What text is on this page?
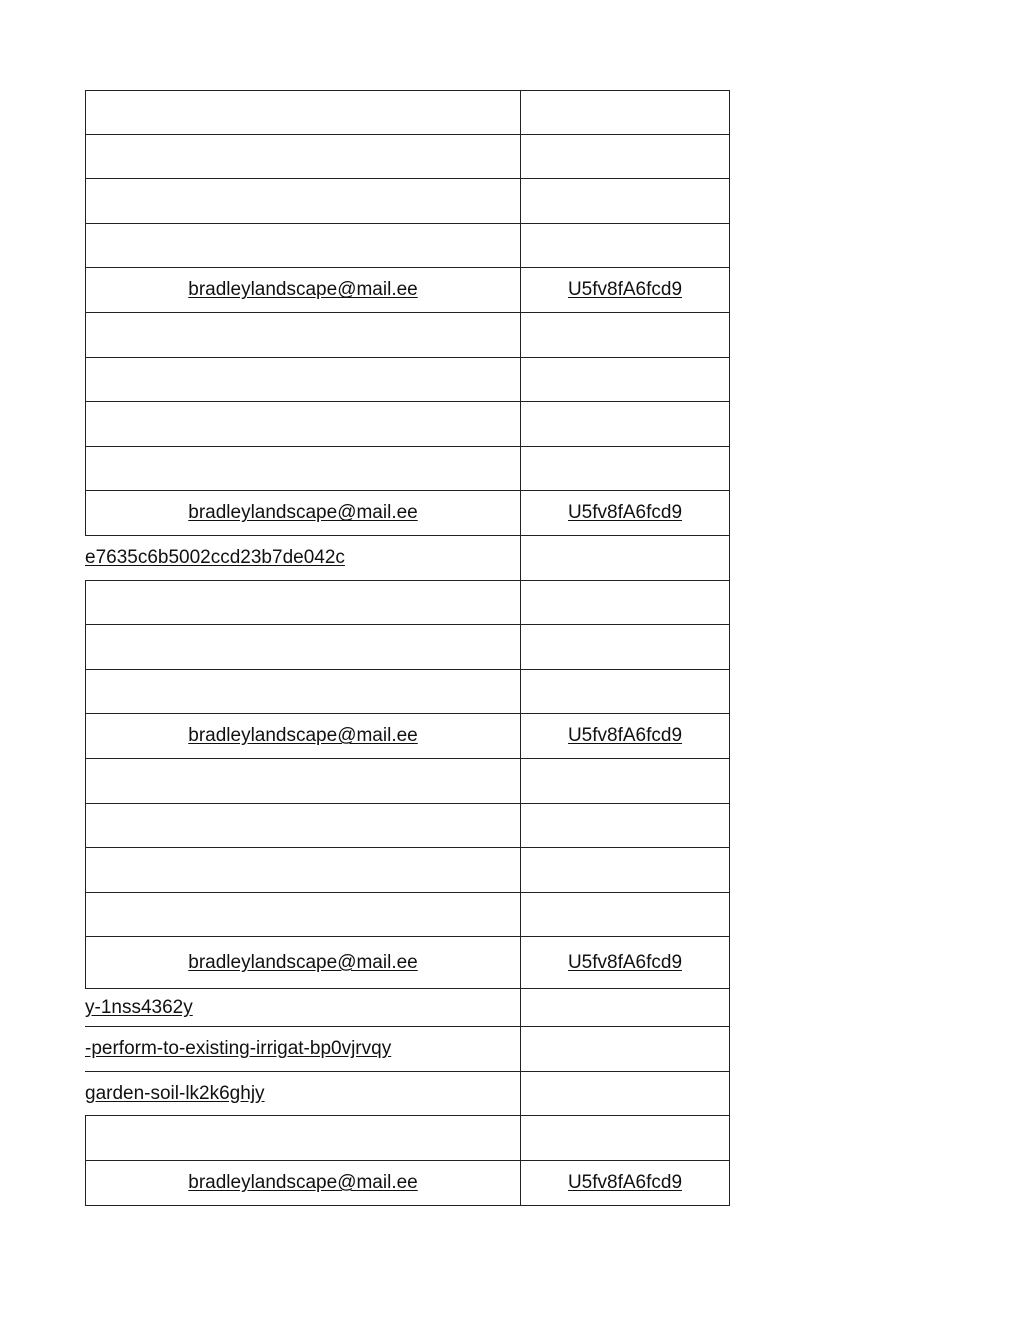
bradleylandscape@mail.ee	U5fv8fA6fcd9
bradleylandscape@mail.ee	U5fv8fA6fcd9
e7635c6b5002ccd23b7de042c
bradleylandscape@mail.ee	U5fv8fA6fcd9
bradleylandscape@mail.ee	U5fv8fA6fcd9
y-1nss4362y
-perform-to-existing-irrigat-bp0vjrvqy
garden-soil-lk2k6ghjy
bradleylandscape@mail.ee	U5fv8fA6fcd9
